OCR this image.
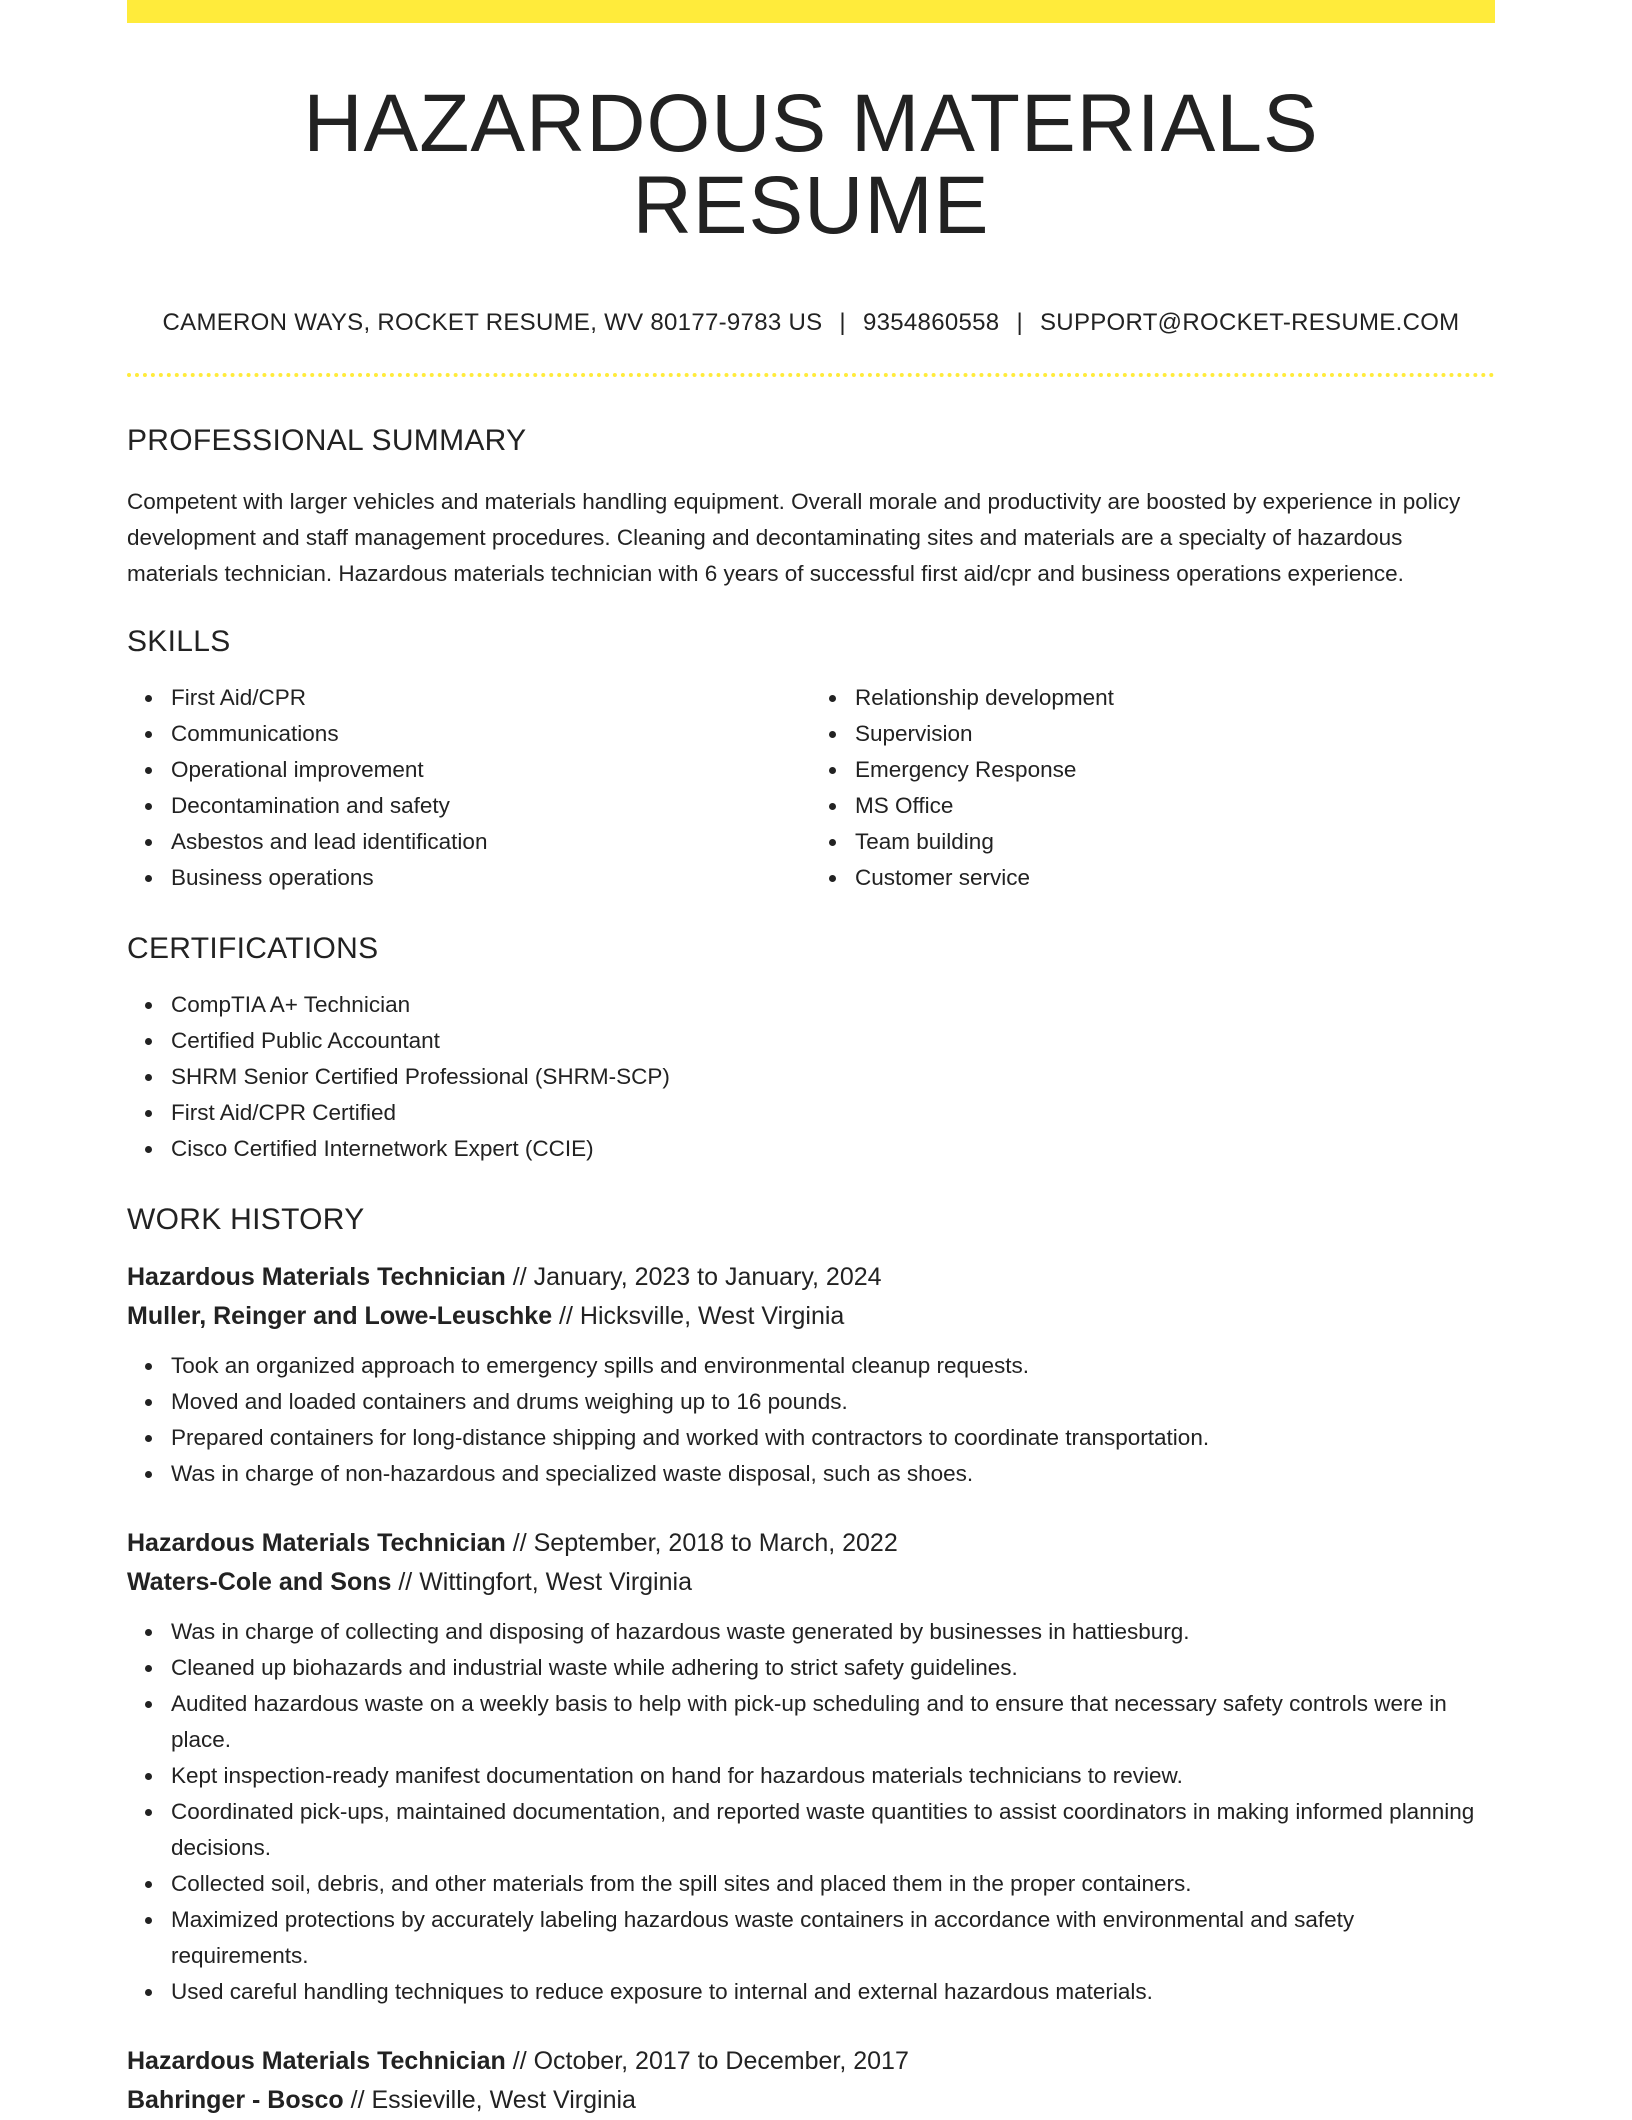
HAZARDOUS MATERIALS RESUME
CAMERON WAYS, ROCKET RESUME, WV 80177-9783 US | 9354860558 | SUPPORT@ROCKET-RESUME.COM
PROFESSIONAL SUMMARY

Competent with larger vehicles and materials handling equipment. Overall morale and productivity are boosted by experience in policy development and staff management procedures. Cleaning and decontaminating sites and materials are a specialty of hazardous materials technician. Hazardous materials technician with 6 years of successful first aid/cpr and business operations experience.

SKILLS
First Aid/CPR
Communications
Operational improvement
Decontamination and safety
Asbestos and lead identification
Business operations
Relationship development
Supervision
Emergency Response
MS Office
Team building
Customer service
CERTIFICATIONS
CompTIA A+ Technician
Certified Public Accountant
SHRM Senior Certified Professional (SHRM-SCP)
First Aid/CPR Certified
Cisco Certified Internetwork Expert (CCIE)
WORK HISTORY
Hazardous Materials Technician // January, 2023 to January, 2024
Muller, Reinger and Lowe-Leuschke // Hicksville, West Virginia
Took an organized approach to emergency spills and environmental cleanup requests.
Moved and loaded containers and drums weighing up to 16 pounds.
Prepared containers for long-distance shipping and worked with contractors to coordinate transportation.
Was in charge of non-hazardous and specialized waste disposal, such as shoes.
Hazardous Materials Technician // September, 2018 to March, 2022
Waters-Cole and Sons // Wittingfort, West Virginia
Was in charge of collecting and disposing of hazardous waste generated by businesses in hattiesburg.
Cleaned up biohazards and industrial waste while adhering to strict safety guidelines.
Audited hazardous waste on a weekly basis to help with pick-up scheduling and to ensure that necessary safety controls were in place.
Kept inspection-ready manifest documentation on hand for hazardous materials technicians to review.
Coordinated pick-ups, maintained documentation, and reported waste quantities to assist coordinators in making informed planning decisions.
Collected soil, debris, and other materials from the spill sites and placed them in the proper containers.
Maximized protections by accurately labeling hazardous waste containers in accordance with environmental and safety requirements.
Used careful handling techniques to reduce exposure to internal and external hazardous materials.
Hazardous Materials Technician // October, 2017 to December, 2017
Bahringer - Bosco // Essieville, West Virginia
